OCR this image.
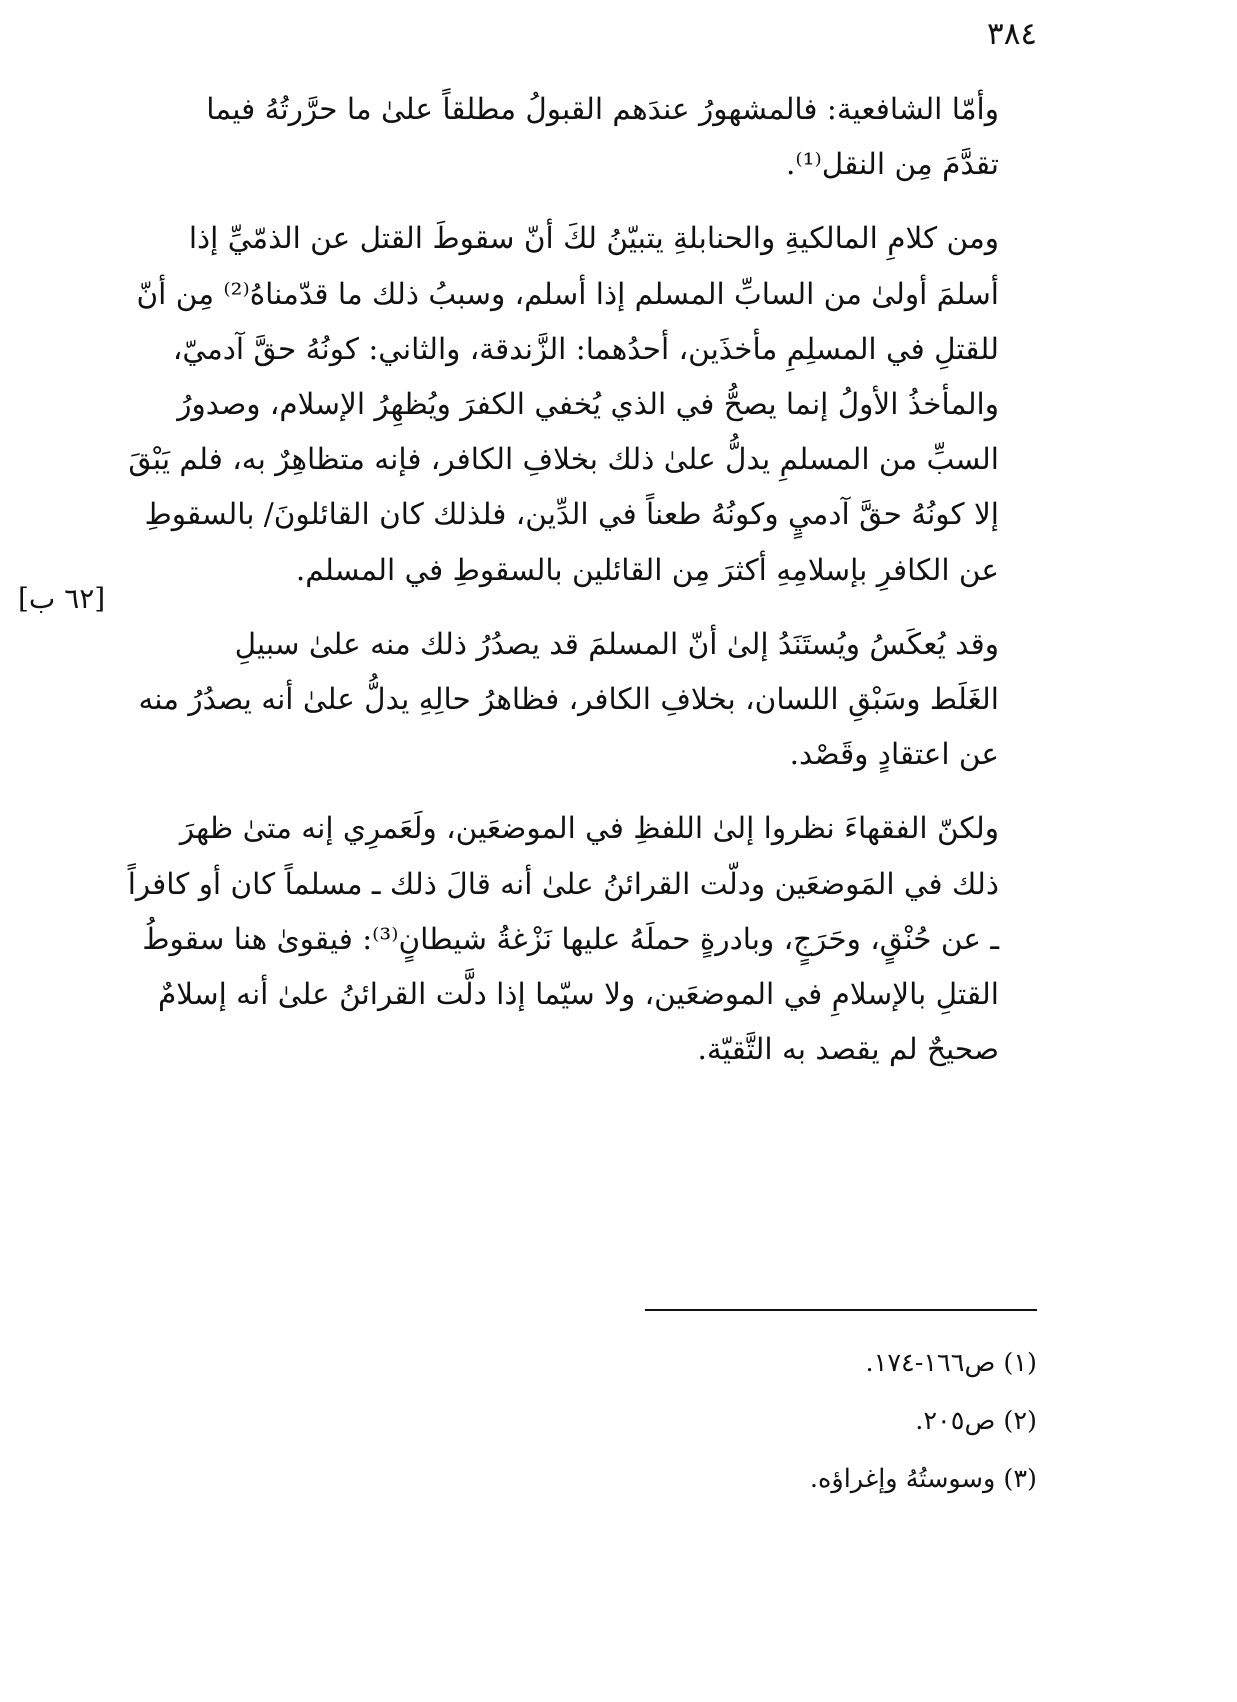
٣٨٤
[٦٢ ب]

وأمّا الشافعية: فالمشهورُ عندَهم القبولُ مطلقاً علىٰ ما حرَّرتُهُ فيما
تقدَّمَ مِن النقل⁽¹⁾.

ومن كلامِ المالكيةِ والحنابلةِ يتبيّنُ لكَ أنّ سقوطَ القتل عن الذمّيِّ إذا
أسلمَ أولىٰ من السابِّ المسلم إذا أسلم، وسببُ ذلك ما قدّمناهُ⁽²⁾ مِن أنّ
للقتلِ في المسلِمِ مأخذَين، أحدُهما: الزَّندقة، والثاني: كونُهُ حقَّ آدميّ،
والمأخذُ الأولُ إنما يصحُّ في الذي يُخفي الكفرَ ويُظهِرُ الإسلام، وصدورُ
السبِّ من المسلمِ يدلُّ علىٰ ذلك بخلافِ الكافر، فإنه متظاهِرٌ به، فلم يَبْقَ
إلا كونُهُ حقَّ آدميٍ وكونُهُ طعناً في الدِّين، فلذلك كان القائلونَ/ بالسقوطِ
عن الكافرِ بإسلامِهِ أكثرَ مِن القائلين بالسقوطِ في المسلم.

وقد يُعكَسُ ويُستَنَدُ إلىٰ أنّ المسلمَ قد يصدُرُ ذلك منه علىٰ سبيلِ
الغَلَط وسَبْقِ اللسان، بخلافِ الكافر، فظاهرُ حالِهِ يدلُّ علىٰ أنه يصدُرُ منه
عن اعتقادٍ وقَصْد.

ولكنّ الفقهاءَ نظروا إلىٰ اللفظِ في الموضعَين، ولَعَمرِي إنه متىٰ ظهرَ
ذلك في المَوضعَين ودلّت القرائنُ علىٰ أنه قالَ ذلك ـ مسلماً كان أو كافراً
ـ عن حُنْقٍ، وحَرَجٍ، وبادرةٍ حملَهُ عليها نَزْغةُ شيطانٍ⁽³⁾: فيقوىٰ هنا سقوطُ
القتلِ بالإسلامِ في الموضعَين، ولا سيّما إذا دلَّت القرائنُ علىٰ أنه إسلامٌ
صحيحٌ لم يقصد به التَّقيّة.

(١) ص١٦٦-١٧٤.
(٢) ص٢٠٥.
(٣) وسوستُهُ وإغراؤه.
